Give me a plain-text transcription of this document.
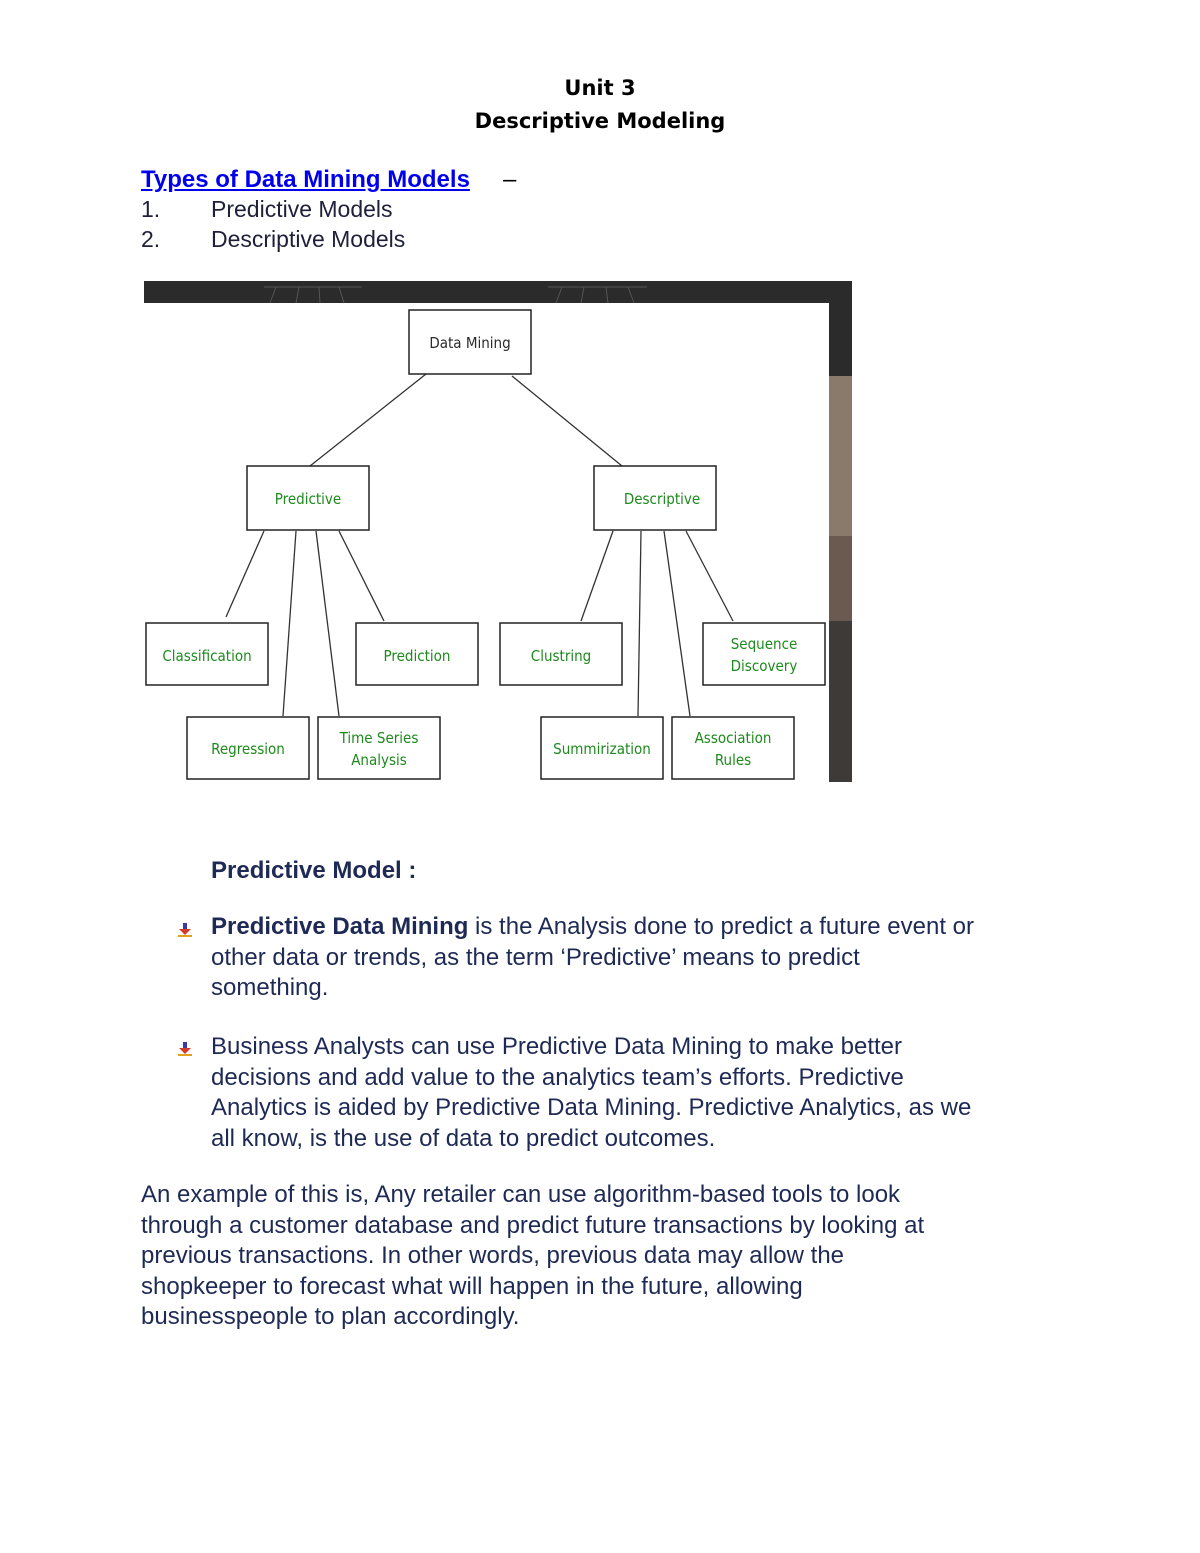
Unit 3
Descriptive Modeling
Types of Data Mining Models –
1. Predictive Models
2. Descriptive Models
Data Mining
Predictive	Descriptive
Classification	Prediction
Regression
Time Series
Analysis
Clustring
Sequence
Discovery
Summirization
Association
Rules
Predictive Model :
Predictive Data Mining is the Analysis done to predict a future event or
other data or trends, as the term ‘Predictive’ means to predict
something.
Business Analysts can use Predictive Data Mining to make better
decisions and add value to the analytics team’s efforts. Predictive
Analytics is aided by Predictive Data Mining. Predictive Analytics, as we
all know, is the use of data to predict outcomes.
An example of this is, Any retailer can use algorithm-based tools to look
through a customer database and predict future transactions by looking at
previous transactions. In other words, previous data may allow the
shopkeeper to forecast what will happen in the future, allowing
businesspeople to plan accordingly.
